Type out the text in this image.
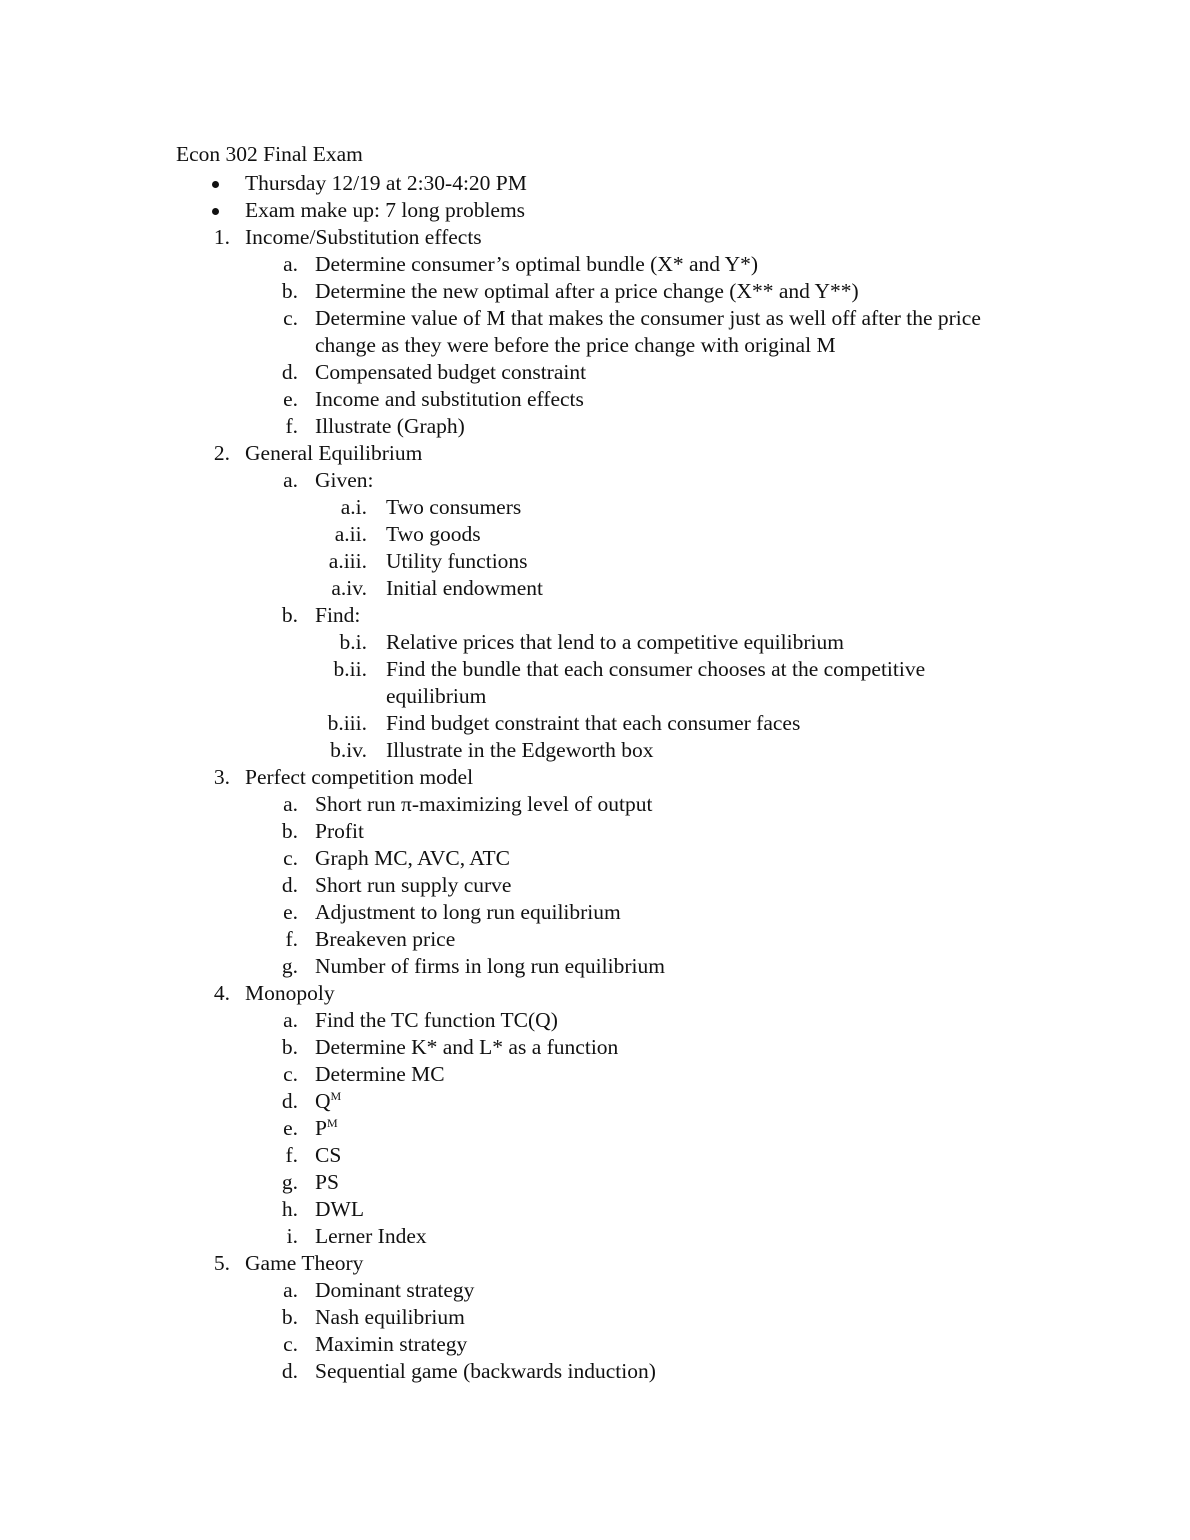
Econ 302 Final Exam
Thursday 12/19 at 2:30-4:20 PM
Exam make up: 7 long problems
1. Income/Substitution effects
a. Determine consumer’s optimal bundle (X* and Y*)
b. Determine the new optimal after a price change (X** and Y**)
c. Determine value of M that makes the consumer just as well off after the price change as they were before the price change with original M
d. Compensated budget constraint
e. Income and substitution effects
f. Illustrate (Graph)
2. General Equilibrium
a. Given:
a.i. Two consumers
a.ii. Two goods
a.iii. Utility functions
a.iv. Initial endowment
b. Find:
b.i. Relative prices that lend to a competitive equilibrium
b.ii. Find the bundle that each consumer chooses at the competitive equilibrium
b.iii. Find budget constraint that each consumer faces
b.iv. Illustrate in the Edgeworth box
3. Perfect competition model
a. Short run π-maximizing level of output
b. Profit
c. Graph MC, AVC, ATC
d. Short run supply curve
e. Adjustment to long run equilibrium
f. Breakeven price
g. Number of firms in long run equilibrium
4. Monopoly
a. Find the TC function TC(Q)
b. Determine K* and L* as a function
c. Determine MC
d. $Q^M$
e. $P^M$
f. CS
g. PS
h. DWL
i. Lerner Index
5. Game Theory
a. Dominant strategy
b. Nash equilibrium
c. Maximin strategy
d. Sequential game (backwards induction)
